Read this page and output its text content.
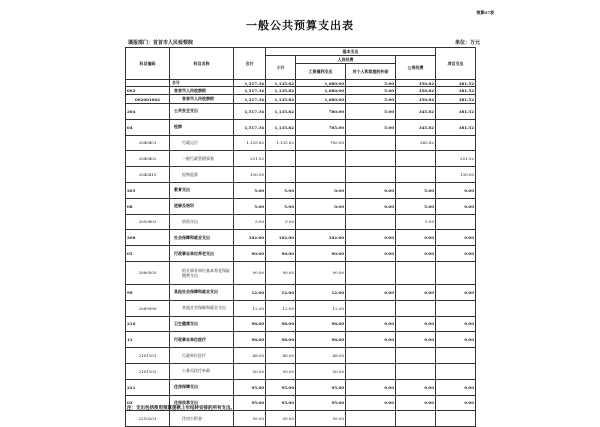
预算07表
一般公共预算支出表
填报部门：首首市人民检察院	单位：万元
科目编码	科目名称	合计	基本支出				项目支出
			小计	人员经费		公用经费	
				工资福利支出	对个人和家庭的补助		
	合计	1,517.34	1,135.82	1,080.00	5.00	350.82	381.52
002	首首市人民检察院	1,517.34	1,135.82	1,080.00	5.00	350.82	381.52
002001002	首首市人民检察院	1,517.34	1,135.82	1,080.00	5.00	350.82	381.52
204	公共安全支出	1,517.34	1,135.82	780.00	5.00	345.82	381.52
04	检察	1,517.34	1,135.82	785.00	5.00	345.82	381.52
2040401	行政运行	1,135.82	1,135.82	785.00		345.82	
2040402	一般行政管理事务	251.52					251.52
2040410	检察监督	130.00					130.00
205	教育支出	5.00	5.00	0.00	0.00	5.00	0.00
08	进修及培训	5.00	5.00	0.00	0.00	5.00	0.00
2050803	培训支出	5.00	5.00			5.00	
208	社会保障和就业支出	102.00	102.00	102.00	0.00	0.00	0.00
05	行政事业单位养老支出	90.00	90.00	90.00	0.00	0.00	0.00
2080505	机关事业单位基本养老保险缴费支出	90.00	90.00	90.00			
99	其他社会保障和就业支出	12.00	12.00	12.00	0.00	0.00	0.00
2089999	其他社会保障和就业支出	12.00	12.00	12.00			
210	卫生健康支出	98.00	98.00	98.00	0.00	0.00	0.00
11	行政事业单位医疗	98.00	98.00	98.00	0.00	0.00	0.00
2101101	行政单位医疗	48.00	48.00	48.00			
2101103	公务员医疗补助	50.00	50.00	50.00			
221	住房保障支出	95.00	95.00	95.00	0.00	0.00	0.00
02	住房改革支出	95.00	95.00	95.00	0.00	0.00	0.00
2210201	住房公积金	95.00	95.00	95.00			
注：支出包括使用预算拨款上年结转安排的所有支出。
